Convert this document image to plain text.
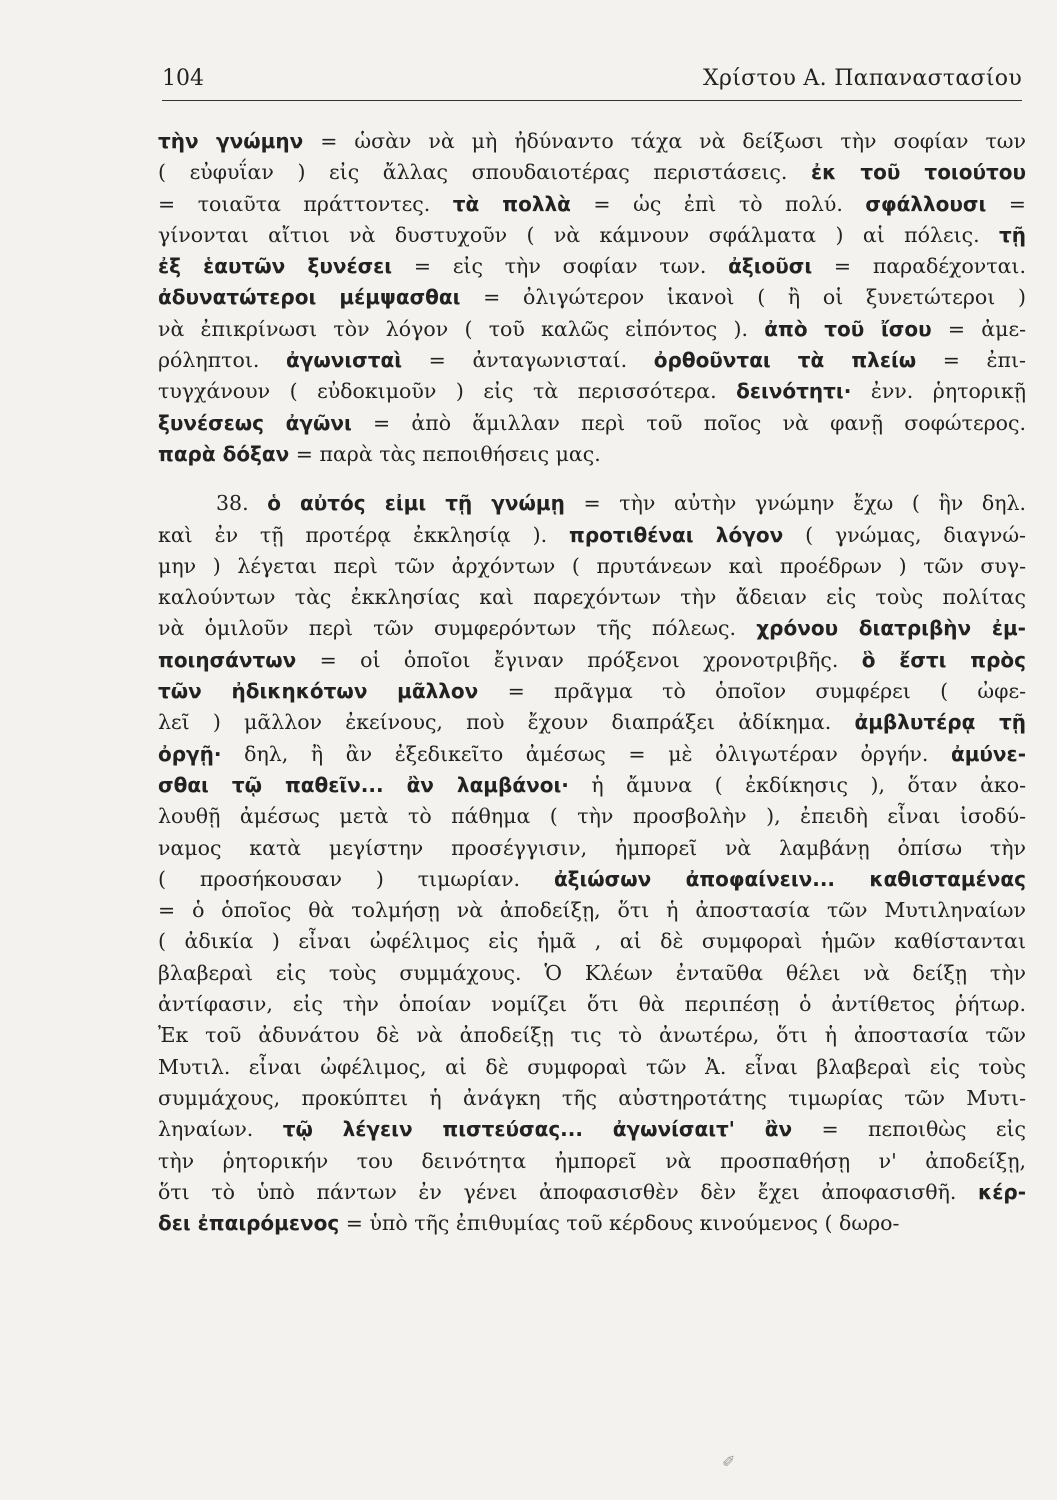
104	Χρίστου Α. Παπαναστασίου
τὴν γνώμην = ὡσὰν νὰ μὴ ἠδύναντο τάχα νὰ δείξωσι τὴν σοφίαν των
( εὐφυΐαν ) εἰς ἄλλας σπουδαιοτέρας περιστάσεις. ἐκ τοῦ τοιούτου
= τοιαῦτα πράττοντες. τὰ πολλὰ = ὡς ἐπὶ τὸ πολύ. σφάλλουσι =
γίνονται αἴτιοι νὰ δυστυχοῦν ( νὰ κάμνουν σφάλματα ) αἱ πόλεις. τῇ
ἐξ ἑαυτῶν ξυνέσει = εἰς τὴν σοφίαν των. ἀξιοῦσι = παραδέχονται.
ἀδυνατώτεροι μέμψασθαι = ὀλιγώτερον ἱκανοὶ ( ἢ οἱ ξυνετώτεροι )
νὰ ἐπικρίνωσι τὸν λόγον ( τοῦ καλῶς εἰπόντος ). ἀπὸ τοῦ ἴσου = ἀμε-
ρόληπτοι. ἀγωνισταὶ = ἀνταγωνισταί. ὀρθοῦνται τὰ πλείω = ἐπι-
τυγχάνουν ( εὐδοκιμοῦν ) εἰς τὰ περισσότερα. δεινότητι· ἐνν. ῥητορικῇ
ξυνέσεως ἀγῶνι = ἀπὸ ἅμιλλαν περὶ τοῦ ποῖος νὰ φανῇ σοφώτερος.
παρὰ δόξαν = παρὰ τὰς πεποιθήσεις μας.
38. ὁ αὐτός εἰμι τῇ γνώμῃ = τὴν αὐτὴν γνώμην ἔχω ( ἣν δηλ.
καὶ ἐν τῇ προτέρᾳ ἐκκλησίᾳ ). προτιθέναι λόγον ( γνώμας, διαγνώ-
μην ) λέγεται περὶ τῶν ἀρχόντων ( πρυτάνεων καὶ προέδρων ) τῶν συγ-
καλούντων τὰς ἐκκλησίας καὶ παρεχόντων τὴν ἄδειαν εἰς τοὺς πολίτας
νὰ ὁμιλοῦν περὶ τῶν συμφερόντων τῆς πόλεως. χρόνου διατριβὴν ἐμ-
ποιησάντων = οἱ ὁποῖοι ἔγιναν πρόξενοι χρονοτριβῆς. ὃ ἔστι πρὸς
τῶν ἠδικηκότων μᾶλλον = πρᾶγμα τὸ ὁποῖον συμφέρει ( ὠφε-
λεῖ ) μᾶλλον ἐκείνους, ποὺ ἔχουν διαπράξει ἀδίκημα. ἀμβλυτέρᾳ τῇ
ὀργῇ· δηλ, ἢ ἂν ἐξεδικεῖτο ἀμέσως = μὲ ὀλιγωτέραν ὀργήν. ἀμύνε-
σθαι τῷ παθεῖν... ἂν λαμβάνοι· ἡ ἄμυνα ( ἐκδίκησις ), ὅταν ἀκο-
λουθῇ ἀμέσως μετὰ τὸ πάθημα ( τὴν προσβολὴν ), ἐπειδὴ εἶναι ἰσοδύ-
ναμος κατὰ μεγίστην προσέγγισιν, ἠμπορεῖ νὰ λαμβάνῃ ὀπίσω τὴν
( προσήκουσαν ) τιμωρίαν. ἀξιώσων ἀποφαίνειν... καθισταμένας
= ὁ ὁποῖος θὰ τολμήσῃ νὰ ἀποδείξῃ, ὅτι ἡ ἀποστασία τῶν Μυτιληναίων
( ἀδικία ) εἶναι ὠφέλιμος εἰς ἡμᾶ , αἱ δὲ συμφοραὶ ἡμῶν καθίστανται
βλαβεραὶ εἰς τοὺς συμμάχους. Ὁ Κλέων ἐνταῦθα θέλει νὰ δείξῃ τὴν
ἀντίφασιν, εἰς τὴν ὁποίαν νομίζει ὅτι θὰ περιπέσῃ ὁ ἀντίθετος ῥήτωρ.
Ἐκ τοῦ ἀδυνάτου δὲ νὰ ἀποδείξῃ τις τὸ ἀνωτέρω, ὅτι ἡ ἀποστασία τῶν
Μυτιλ. εἶναι ὠφέλιμος, αἱ δὲ συμφοραὶ τῶν Ἀ. εἶναι βλαβεραὶ εἰς τοὺς
συμμάχους, προκύπτει ἡ ἀνάγκη τῆς αὐστηροτάτης τιμωρίας τῶν Μυτι-
ληναίων. τῷ λέγειν πιστεύσας... ἀγωνίσαιτ' ἂν = πεποιθὼς εἰς
τὴν ῥητορικήν του δεινότητα ἠμπορεῖ νὰ προσπαθήσῃ ν' ἀποδείξῃ,
ὅτι τὸ ὑπὸ πάντων ἐν γένει ἀποφασισθὲν δὲν ἔχει ἀποφασισθῆ. κέρ-
δει ἐπαιρόμενος = ὑπὸ τῆς ἐπιθυμίας τοῦ κέρδους κινούμενος ( δωρο-
✐
